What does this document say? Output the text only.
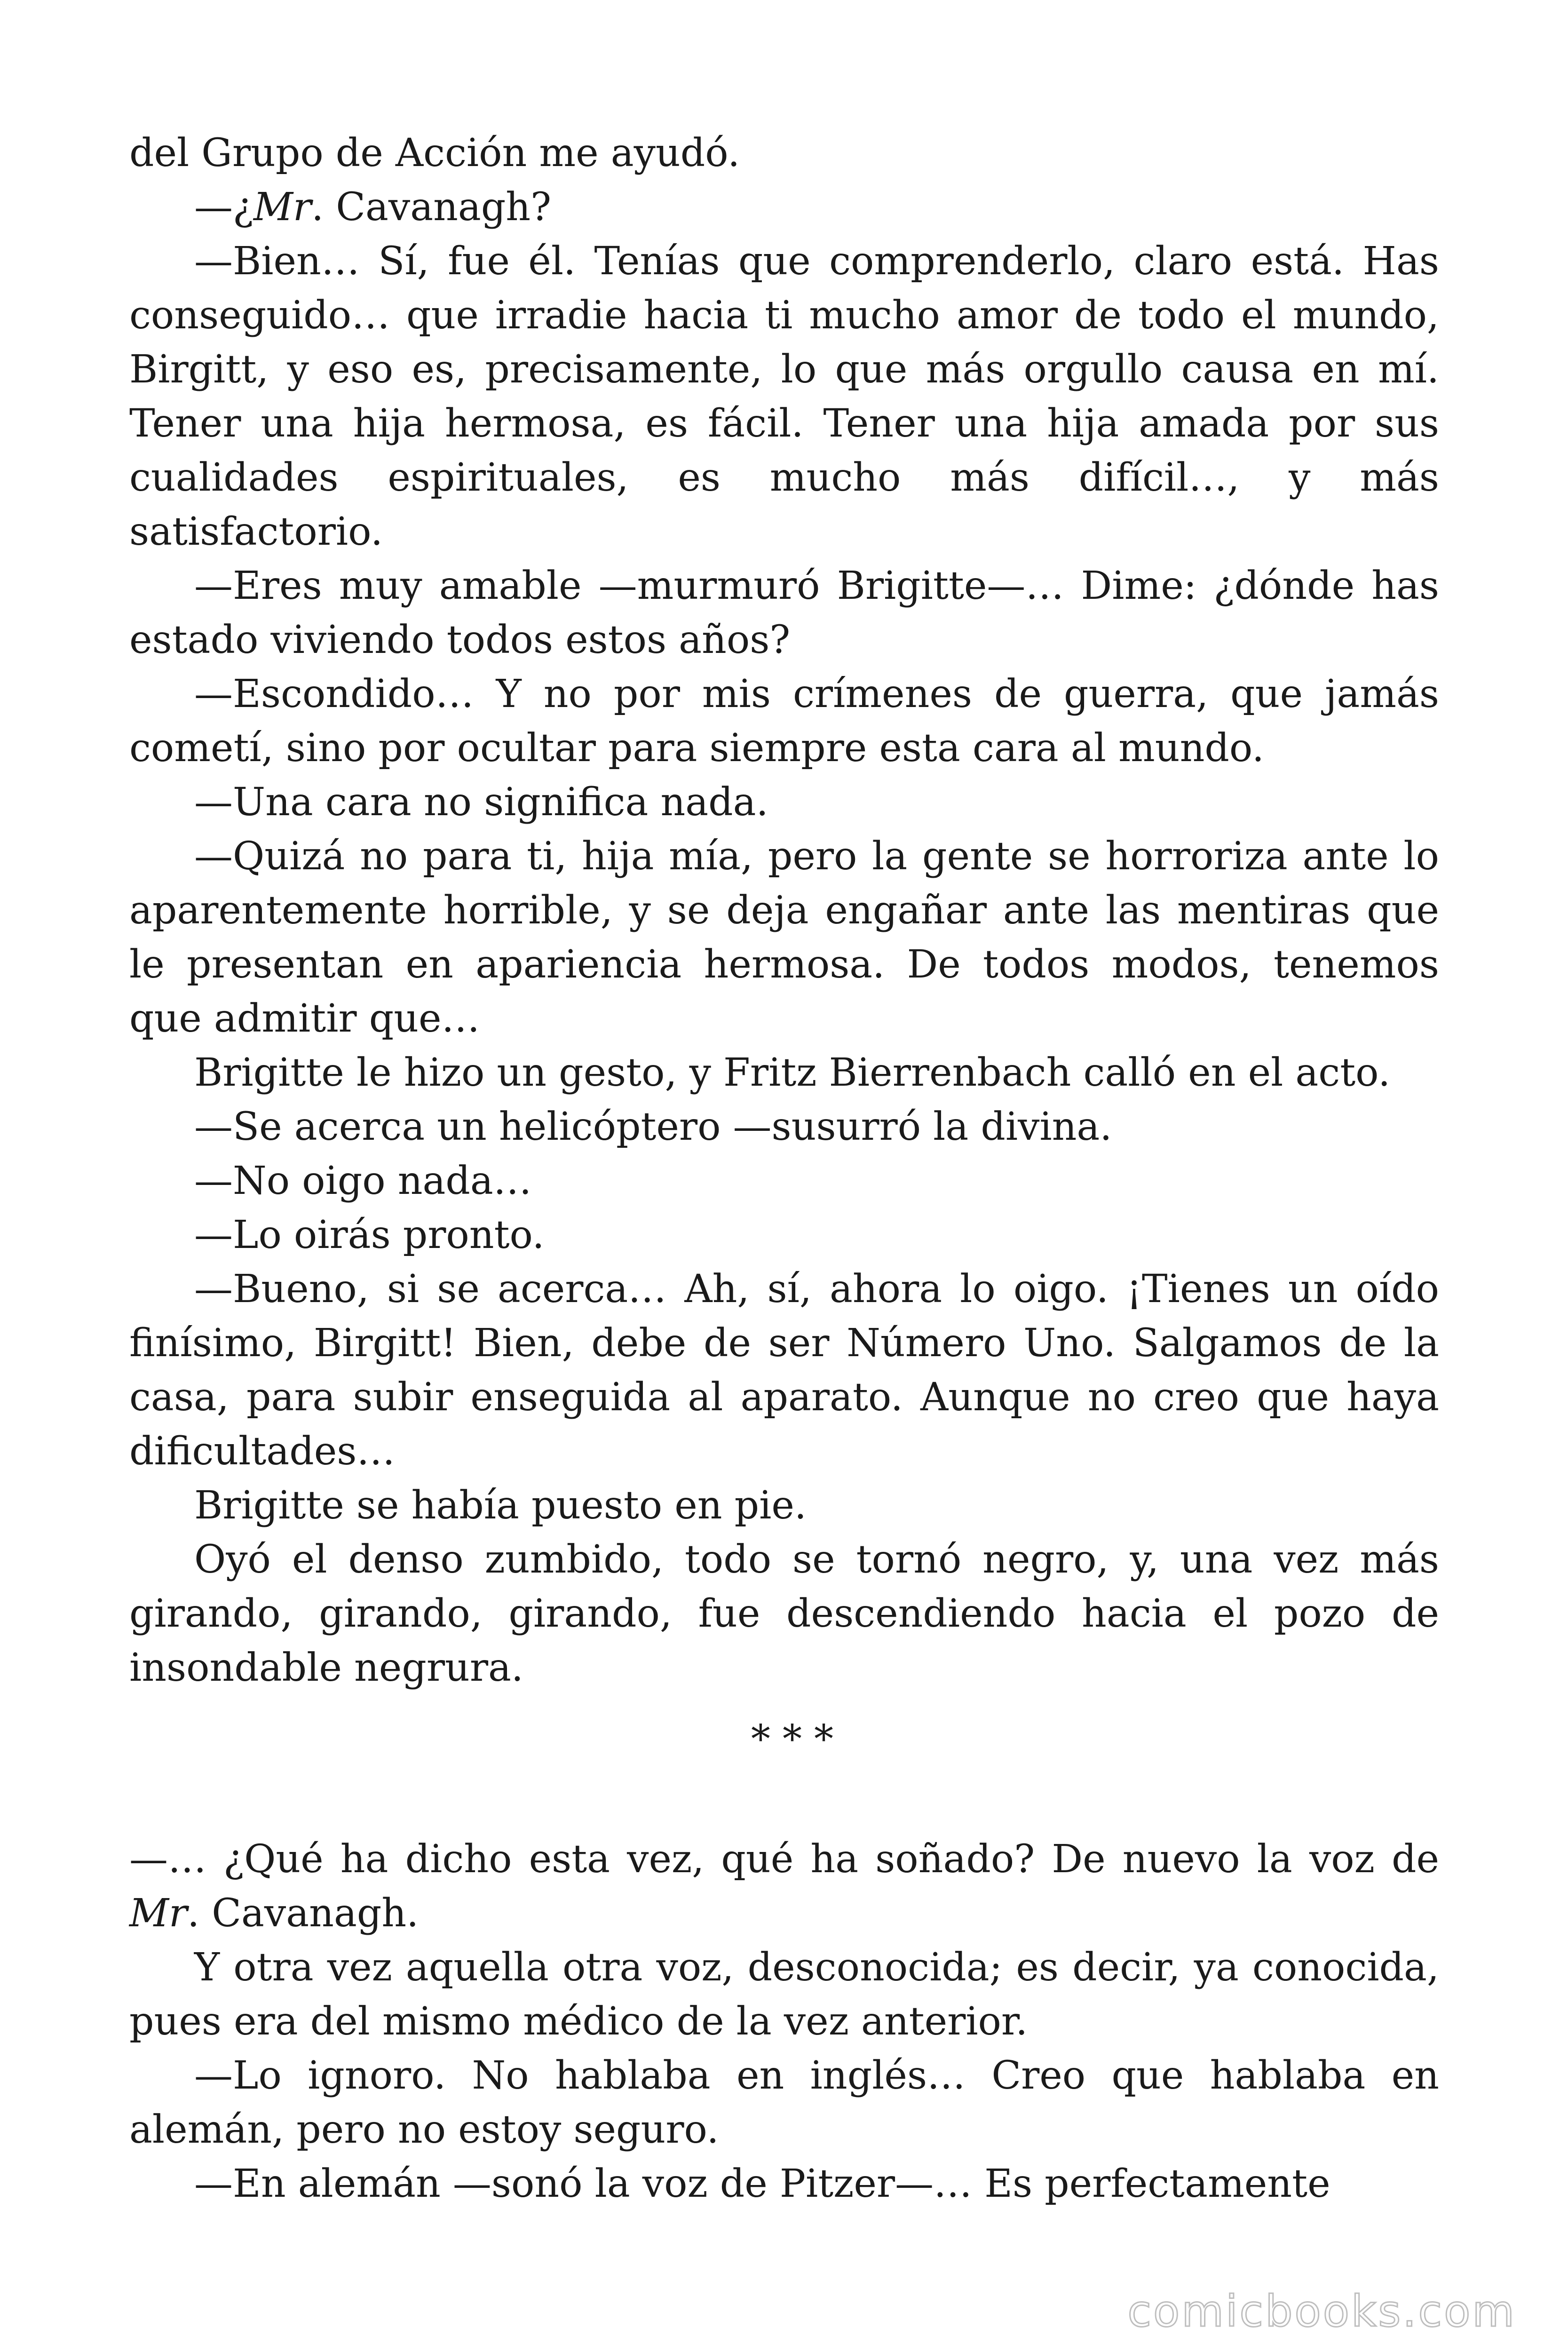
del Grupo de Acción me ayudó.

—¿Mr. Cavanagh?

—Bien… Sí, fue él. Tenías que comprenderlo, claro está. Has conseguido… que irradie hacia ti mucho amor de todo el mundo, Birgitt, y eso es, precisamente, lo que más orgullo causa en mí. Tener una hija hermosa, es fácil. Tener una hija amada por sus cualidades espirituales, es mucho más difícil…, y más satisfactorio.

—Eres muy amable —murmuró Brigitte—… Dime: ¿dónde has estado viviendo todos estos años?

—Escondido… Y no por mis crímenes de guerra, que jamás cometí, sino por ocultar para siempre esta cara al mundo.

—Una cara no significa nada.

—Quizá no para ti, hija mía, pero la gente se horroriza ante lo aparentemente horrible, y se deja engañar ante las mentiras que le presentan en apariencia hermosa. De todos modos, tenemos que admitir que…

Brigitte le hizo un gesto, y Fritz Bierrenbach calló en el acto.

—Se acerca un helicóptero —susurró la divina.

—No oigo nada…

—Lo oirás pronto.

—Bueno, si se acerca… Ah, sí, ahora lo oigo. ¡Tienes un oído finísimo, Birgitt! Bien, debe de ser Número Uno. Salgamos de la casa, para subir enseguida al aparato. Aunque no creo que haya dificultades…

Brigitte se había puesto en pie.

Oyó el denso zumbido, todo se tornó negro, y, una vez más girando, girando, girando, fue descendiendo hacia el pozo de insondable negrura.

* * *

—… ¿Qué ha dicho esta vez, qué ha soñado? De nuevo la voz de Mr. Cavanagh.

Y otra vez aquella otra voz, desconocida; es decir, ya conocida, pues era del mismo médico de la vez anterior.

—Lo ignoro. No hablaba en inglés… Creo que hablaba en alemán, pero no estoy seguro.

—En alemán —sonó la voz de Pitzer—… Es perfectamente

comicbooks.com
